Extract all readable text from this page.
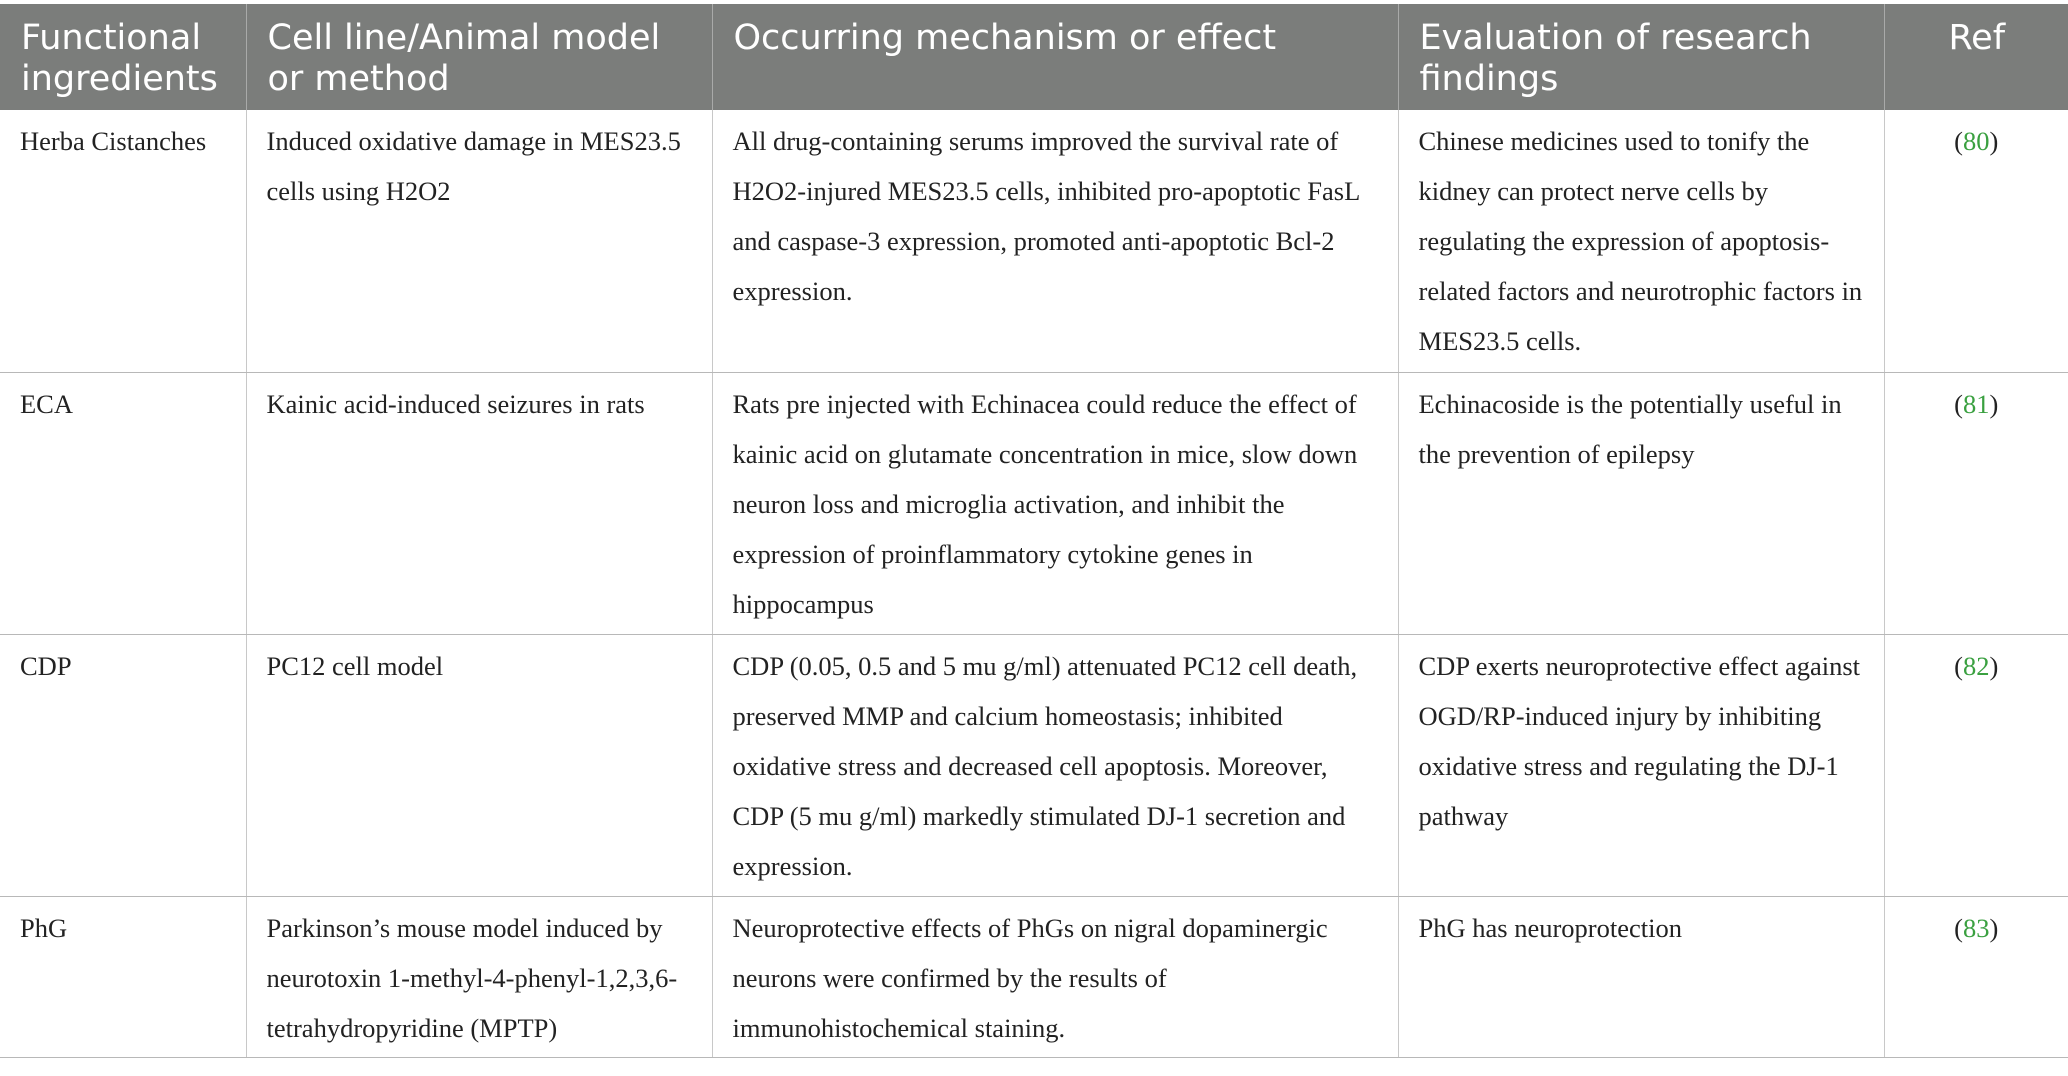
Functional ingredients	Cell line/Animal model or method	Occurring mechanism or effect	Evaluation of research findings	Ref
Herba Cistanches	Induced oxidative damage in MES23.5 cells using H2O2	All drug-containing serums improved the survival rate of H2O2-injured MES23.5 cells, inhibited pro-apoptotic FasL and caspase-3 expression, promoted anti-apoptotic Bcl-2 expression.	Chinese medicines used to tonify the kidney can protect nerve cells by regulating the expression of apoptosis-related factors and neurotrophic factors in MES23.5 cells.	(80)
ECA	Kainic acid-induced seizures in rats	Rats pre injected with Echinacea could reduce the effect of kainic acid on glutamate concentration in mice, slow down neuron loss and microglia activation, and inhibit the expression of proinflammatory cytokine genes in hippocampus	Echinacoside is the potentially useful in the prevention of epilepsy	(81)
CDP	PC12 cell model	CDP (0.05, 0.5 and 5 mu g/ml) attenuated PC12 cell death, preserved MMP and calcium homeostasis; inhibited oxidative stress and decreased cell apoptosis. Moreover, CDP (5 mu g/ml) markedly stimulated DJ-1 secretion and expression.	CDP exerts neuroprotective effect against OGD/RP-induced injury by inhibiting oxidative stress and regulating the DJ-1 pathway	(82)
PhG	Parkinson’s mouse model induced by neurotoxin 1-methyl-4-phenyl-1,2,3,6-tetrahydropyridine (MPTP)	Neuroprotective effects of PhGs on nigral dopaminergic neurons were confirmed by the results of immunohistochemical staining.	PhG has neuroprotection	(83)
